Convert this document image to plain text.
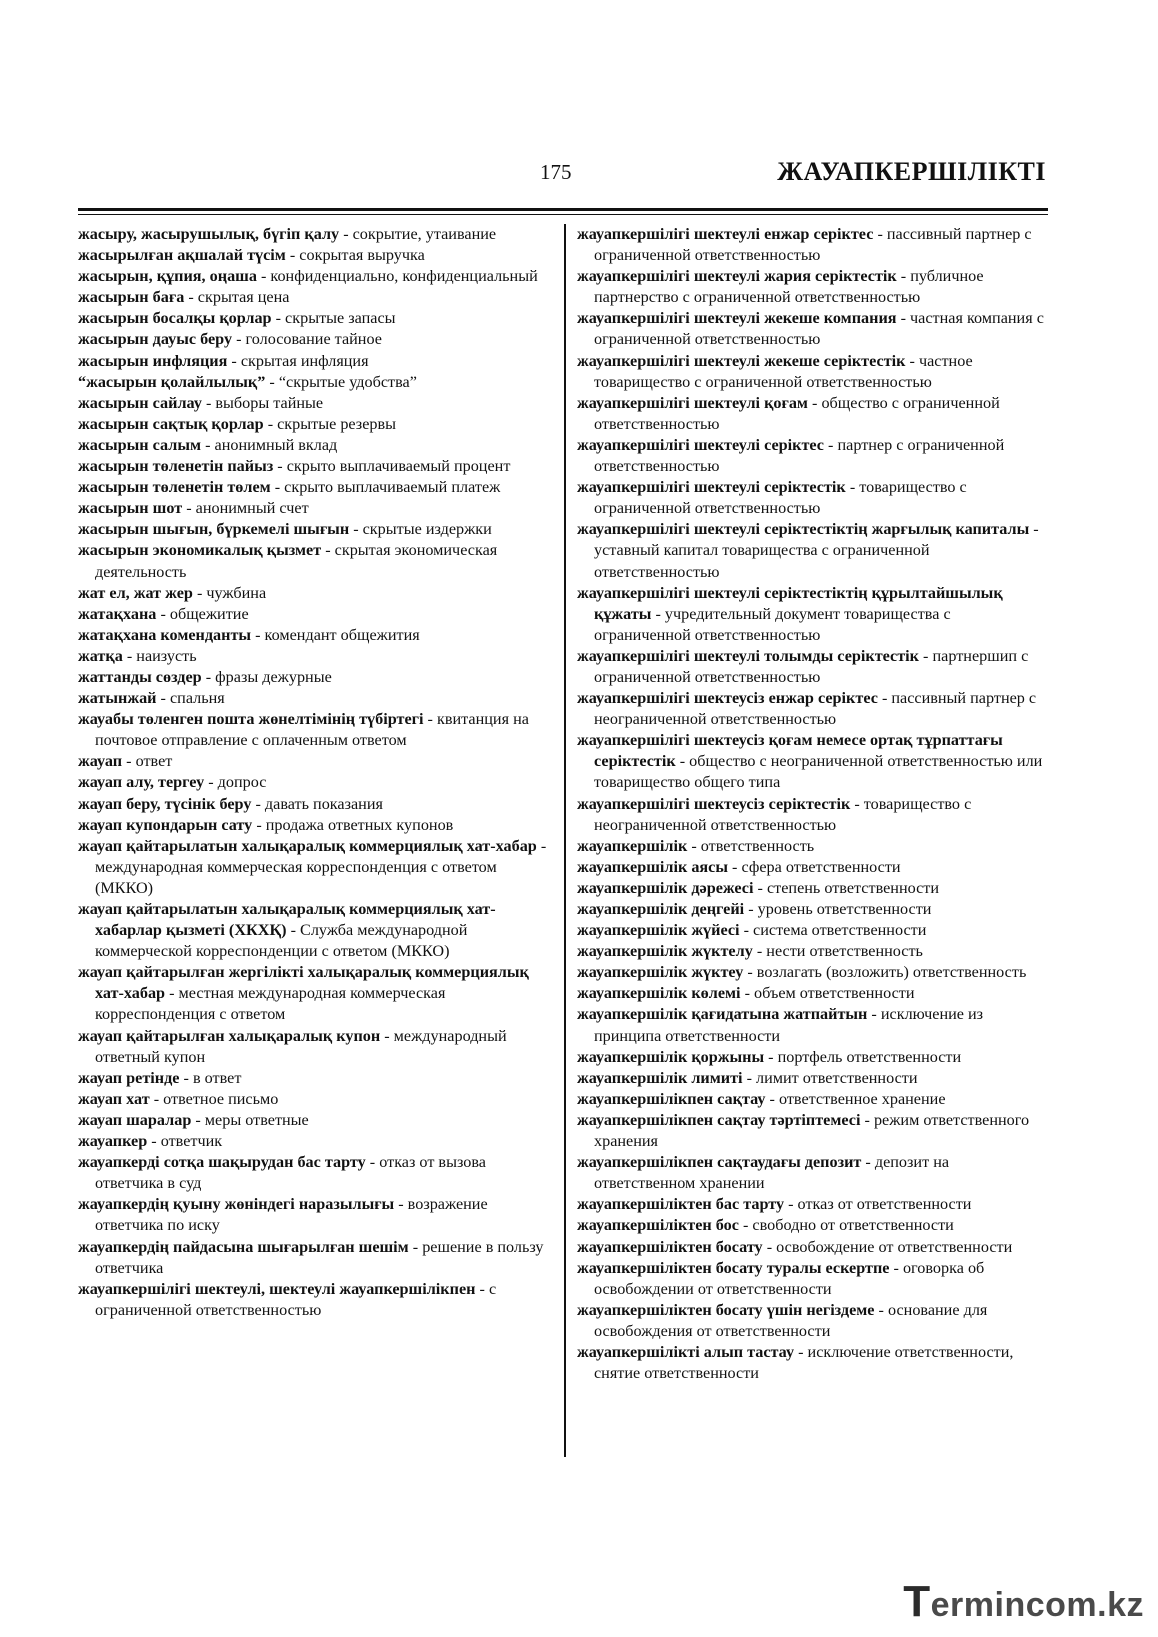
175	ЖАУАПКЕРШІЛІКТІ

жасыру, жасырушылық, бүгіп қалу - сокрытие, утаивание

жасырылған ақшалай түсім - сокрытая выручка

жасырын, құпия, оңаша - конфиденциально, конфиденциальный

жасырын баға - скрытая цена

жасырын босалқы қорлар - скрытые запасы

жасырын дауыс беру - голосование тайное

жасырын инфляция - скрытая инфляция

“жасырын қолайлылық” - “скрытые удобства”

жасырын сайлау - выборы тайные

жасырын сақтық қорлар - скрытые резервы

жасырын салым - анонимный вклад

жасырын төленетін пайыз - скрыто выплачиваемый процент

жасырын төленетін төлем - скрыто выплачиваемый платеж

жасырын шот - анонимный счет

жасырын шығын, бүркемелі шығын - скрытые издержки

жасырын экономикалық қызмет - скрытая экономическая деятельность

жат ел, жат жер - чужбина

жатақхана - общежитие

жатақхана коменданты - комендант общежития

жатқа - наизусть

жаттанды сөздер - фразы дежурные

жатынжай - спальня

жауабы төленген пошта жөнелтімінің түбіртегі - квитанция на почтовое отправление с оплаченным ответом

жауап - ответ

жауап алу, тергеу - допрос

жауап беру, түсінік беру - давать показания

жауап купондарын сату - продажа ответных купонов

жауап қайтарылатын халықаралық коммерциялық хат-хабар - международная коммерческая корреспонденция с ответом (МККО)

жауап қайтарылатын халықаралық коммерциялық хат-хабарлар қызметі (ХКХҚ) - Служба международной коммерческой корреспонденции с ответом (МККО)

жауап қайтарылған жергілікті халықаралық коммерциялық хат-хабар - местная международная коммерческая корреспонденция с ответом

жауап қайтарылған халықаралық купон - международный ответный купон

жауап ретінде - в ответ

жауап хат - ответное письмо

жауап шаралар - меры ответные

жауапкер - ответчик

жауапкерді сотқа шақырудан бас тарту - отказ от вызова ответчика в суд

жауапкердің қуыну жөніндегі наразылығы - возражение ответчика по иску

жауапкердің пайдасына шығарылған шешім - решение в пользу ответчика

жауапкершілігі шектеулі, шектеулі жауапкершілікпен - с ограниченной ответственностью

жауапкершілігі шектеулі енжар серіктес - пассивный партнер с ограниченной ответственностью

жауапкершілігі шектеулі жария серіктестік - публичное партнерство с ограниченной ответственностью

жауапкершілігі шектеулі жекеше компания - частная компания с ограниченной ответственностью

жауапкершілігі шектеулі жекеше серіктестік - частное товарищество с ограниченной ответственностью

жауапкершілігі шектеулі қоғам - общество с ограниченной ответственностью

жауапкершілігі шектеулі серіктес - партнер с ограниченной ответственностью

жауапкершілігі шектеулі серіктестік - товарищество с ограниченной ответственностью

жауапкершілігі шектеулі серіктестіктің жарғылық капиталы - уставный капитал товарищества с ограниченной ответственностью

жауапкершілігі шектеулі серіктестіктің құрылтайшылық құжаты - учредительный документ товарищества с ограниченной ответственностью

жауапкершілігі шектеулі толымды серіктестік - партнершип с ограниченной ответственностью

жауапкершілігі шектеусіз енжар серіктес - пассивный партнер с неограниченной ответственностью

жауапкершілігі шектеусіз қоғам немесе ортақ тұрпаттағы серіктестік - общество с неограниченной ответственностью или товарищество общего типа

жауапкершілігі шектеусіз серіктестік - товарищество с неограниченной ответственностью

жауапкершілік - ответственность

жауапкершілік аясы - сфера ответственности

жауапкершілік дәрежесі - степень ответственности

жауапкершілік деңгейі - уровень ответственности

жауапкершілік жүйесі - система ответственности

жауапкершілік жүктелу - нести ответственность

жауапкершілік жүктеу - возлагать (возложить) ответственность

жауапкершілік көлемі - объем ответственности

жауапкершілік қағидатына жатпайтын - исключение из принципа ответственности

жауапкершілік қоржыны - портфель ответственности

жауапкершілік лимиті - лимит ответственности

жауапкершілікпен сақтау - ответственное хранение

жауапкершілікпен сақтау тәртіптемесі - режим ответственного хранения

жауапкершілікпен сақтаудағы депозит - депозит на ответственном хранении

жауапкершіліктен бас тарту - отказ от ответственности

жауапкершіліктен бос - свободно от ответственности

жауапкершіліктен босату - освобождение от ответственности

жауапкершіліктен босату туралы ескертпе - оговорка об освобождении от ответственности

жауапкершіліктен босату үшін негіздеме - основание для освобождения от ответственности

жауапкершілікті алып тастау - исключение ответственности, снятие ответственности

Termincom.kz
